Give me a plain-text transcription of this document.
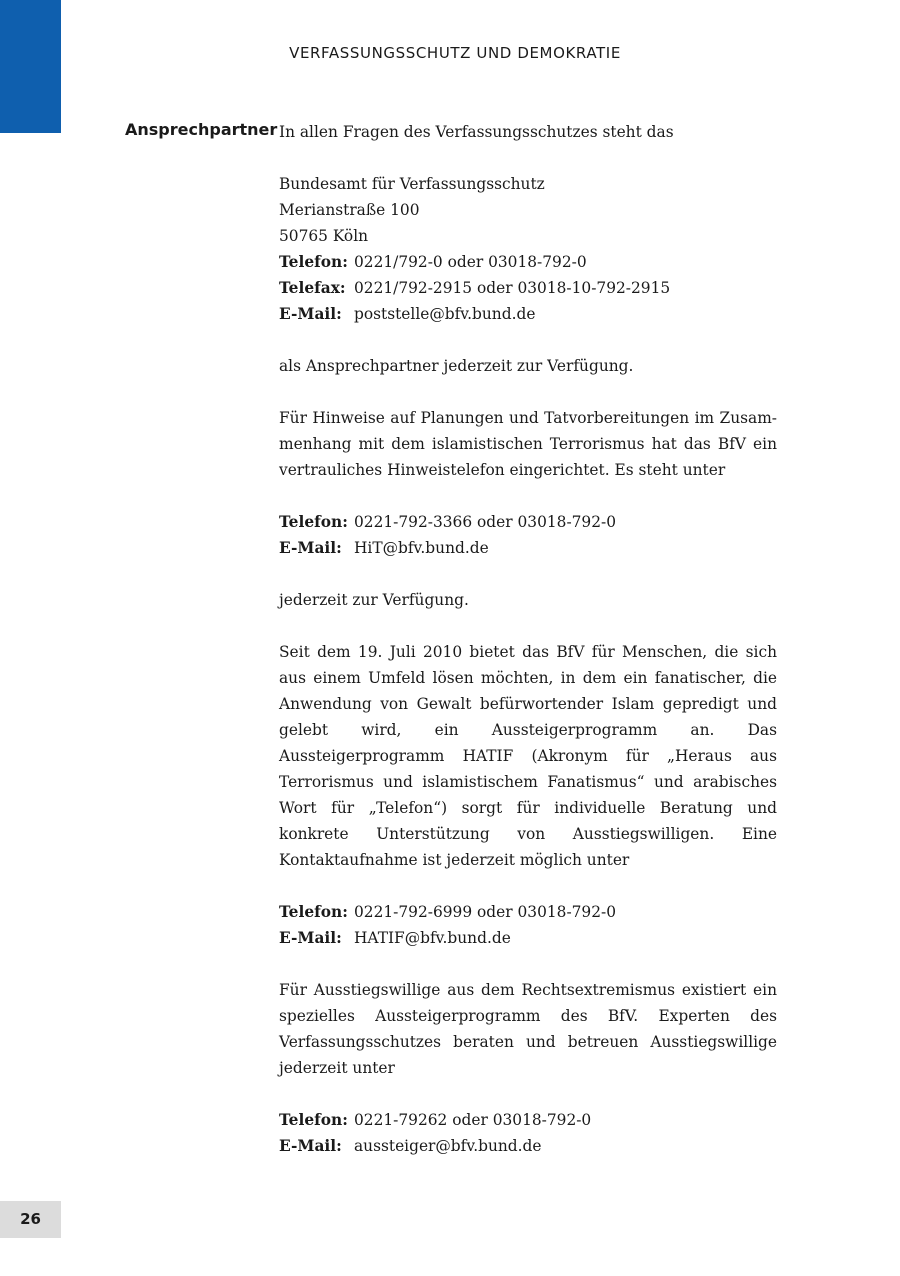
VERFASSUNGSSCHUTZ UND DEMOKRATIE
Ansprechpartner In allen Fragen des Verfassungsschutzes steht das

Bundesamt für Verfassungsschutz
Merianstraße 100
50765 Köln
Telefon: 0221/792-0 oder 03018-792-0
Telefax: 0221/792-2915 oder 03018-10-792-2915
E-Mail: poststelle@bfv.bund.de

als Ansprechpartner jederzeit zur Verfügung.

Für Hinweise auf Planungen und Tatvorbereitungen im Zusammenhang mit dem islamistischen Terrorismus hat das BfV ein vertrauliches Hinweistelefon eingerichtet. Es steht unter

Telefon: 0221-792-3366 oder 03018-792-0
E-Mail: HiT@bfv.bund.de

jederzeit zur Verfügung.

Seit dem 19. Juli 2010 bietet das BfV für Menschen, die sich aus einem Umfeld lösen möchten, in dem ein fanatischer, die Anwendung von Gewalt befürwortender Islam gepredigt und gelebt wird, ein Aussteigerprogramm an. Das Aussteigerprogramm HATIF (Akronym für „Heraus aus Terrorismus und islamistischem Fanatismus“ und arabisches Wort für „Telefon“) sorgt für individuelle Beratung und konkrete Unterstützung von Ausstiegswilligen. Eine Kontaktaufnahme ist jederzeit möglich unter

Telefon: 0221-792-6999 oder 03018-792-0
E-Mail: HATIF@bfv.bund.de

Für Ausstiegswillige aus dem Rechtsextremismus existiert ein spezielles Aussteigerprogramm des BfV. Experten des Verfassungsschutzes beraten und betreuen Ausstiegswillige jederzeit unter

Telefon: 0221-79262 oder 03018-792-0
E-Mail: aussteiger@bfv.bund.de
26
